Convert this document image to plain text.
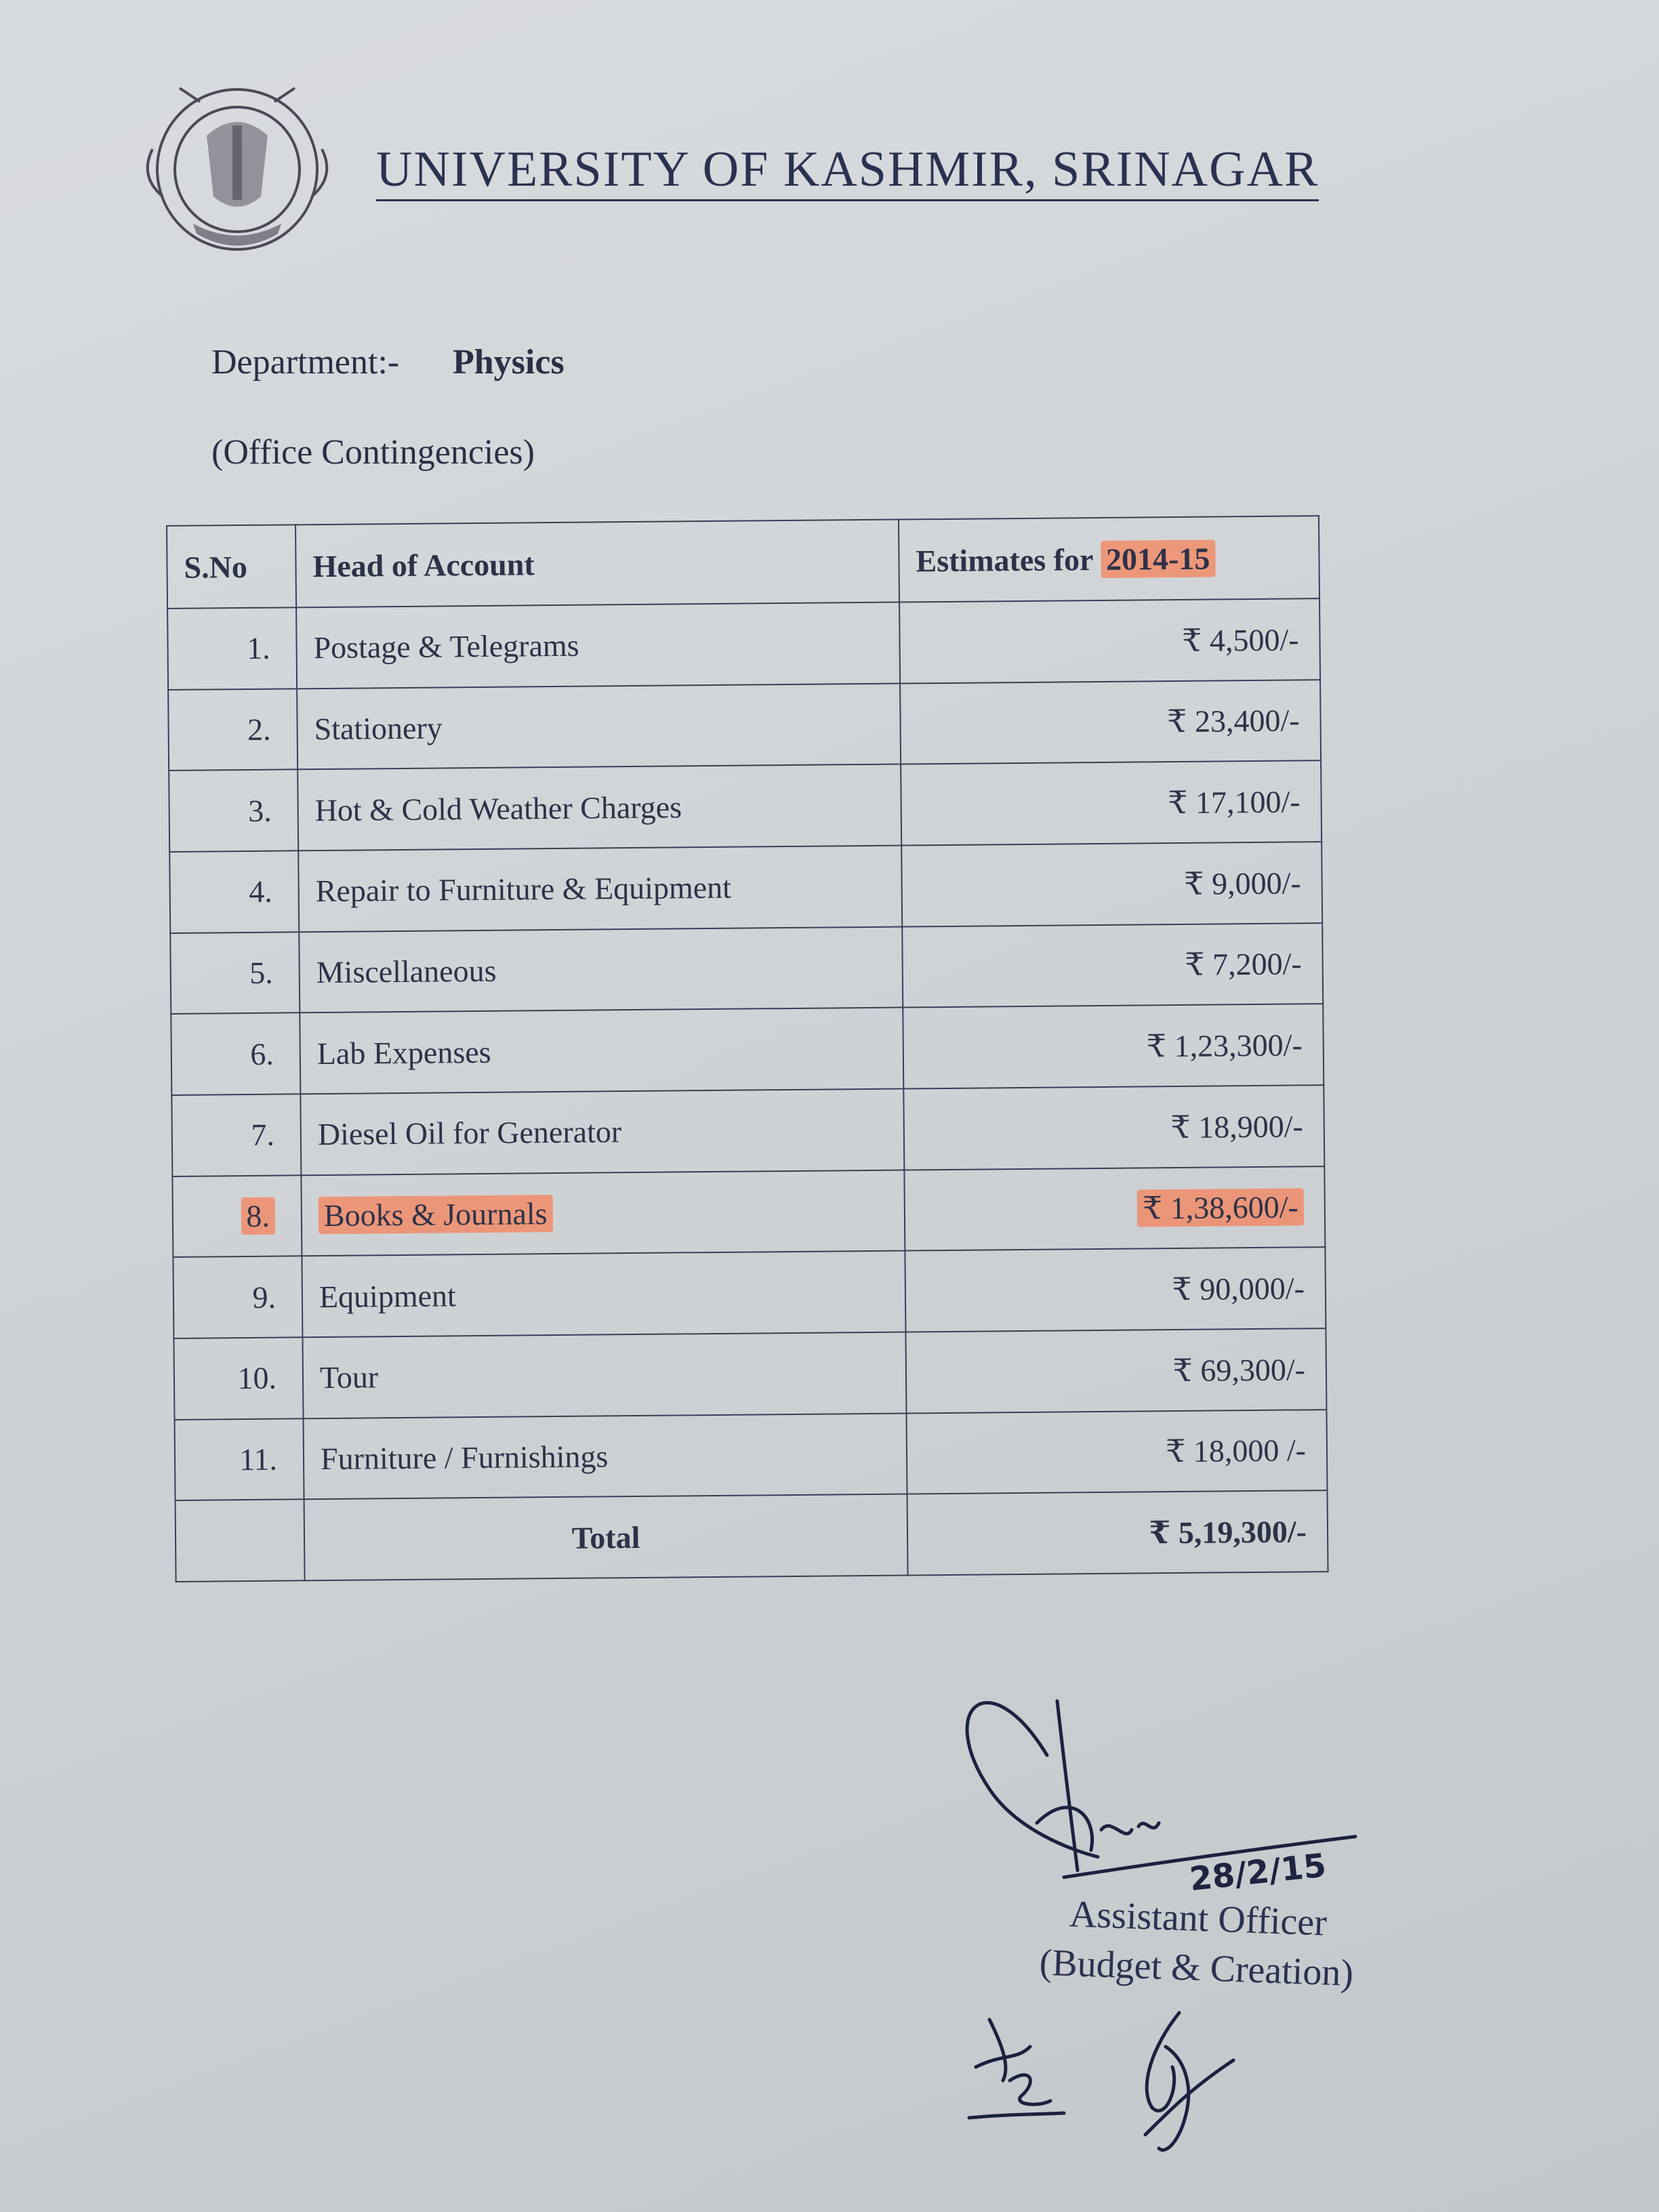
UNIVERSITY OF KASHMIR, SRINAGAR
Department:- Physics
(Office Contingencies)
S.No	Head of Account	Estimates for 2014-15
1.	Postage & Telegrams	₹ 4,500/-
2.	Stationery	₹ 23,400/-
3.	Hot & Cold Weather Charges	₹ 17,100/-
4.	Repair to Furniture & Equipment	₹ 9,000/-
5.	Miscellaneous	₹ 7,200/-
6.	Lab Expenses	₹ 1,23,300/-
7.	Diesel Oil for Generator	₹ 18,900/-
8.	Books & Journals	₹ 1,38,600/-
9.	Equipment	₹ 90,000/-
10.	Tour	₹ 69,300/-
11.	Furniture / Furnishings	₹ 18,000 /-
	Total	₹ 5,19,300/-
28/2/15
Assistant Officer
(Budget & Creation)
